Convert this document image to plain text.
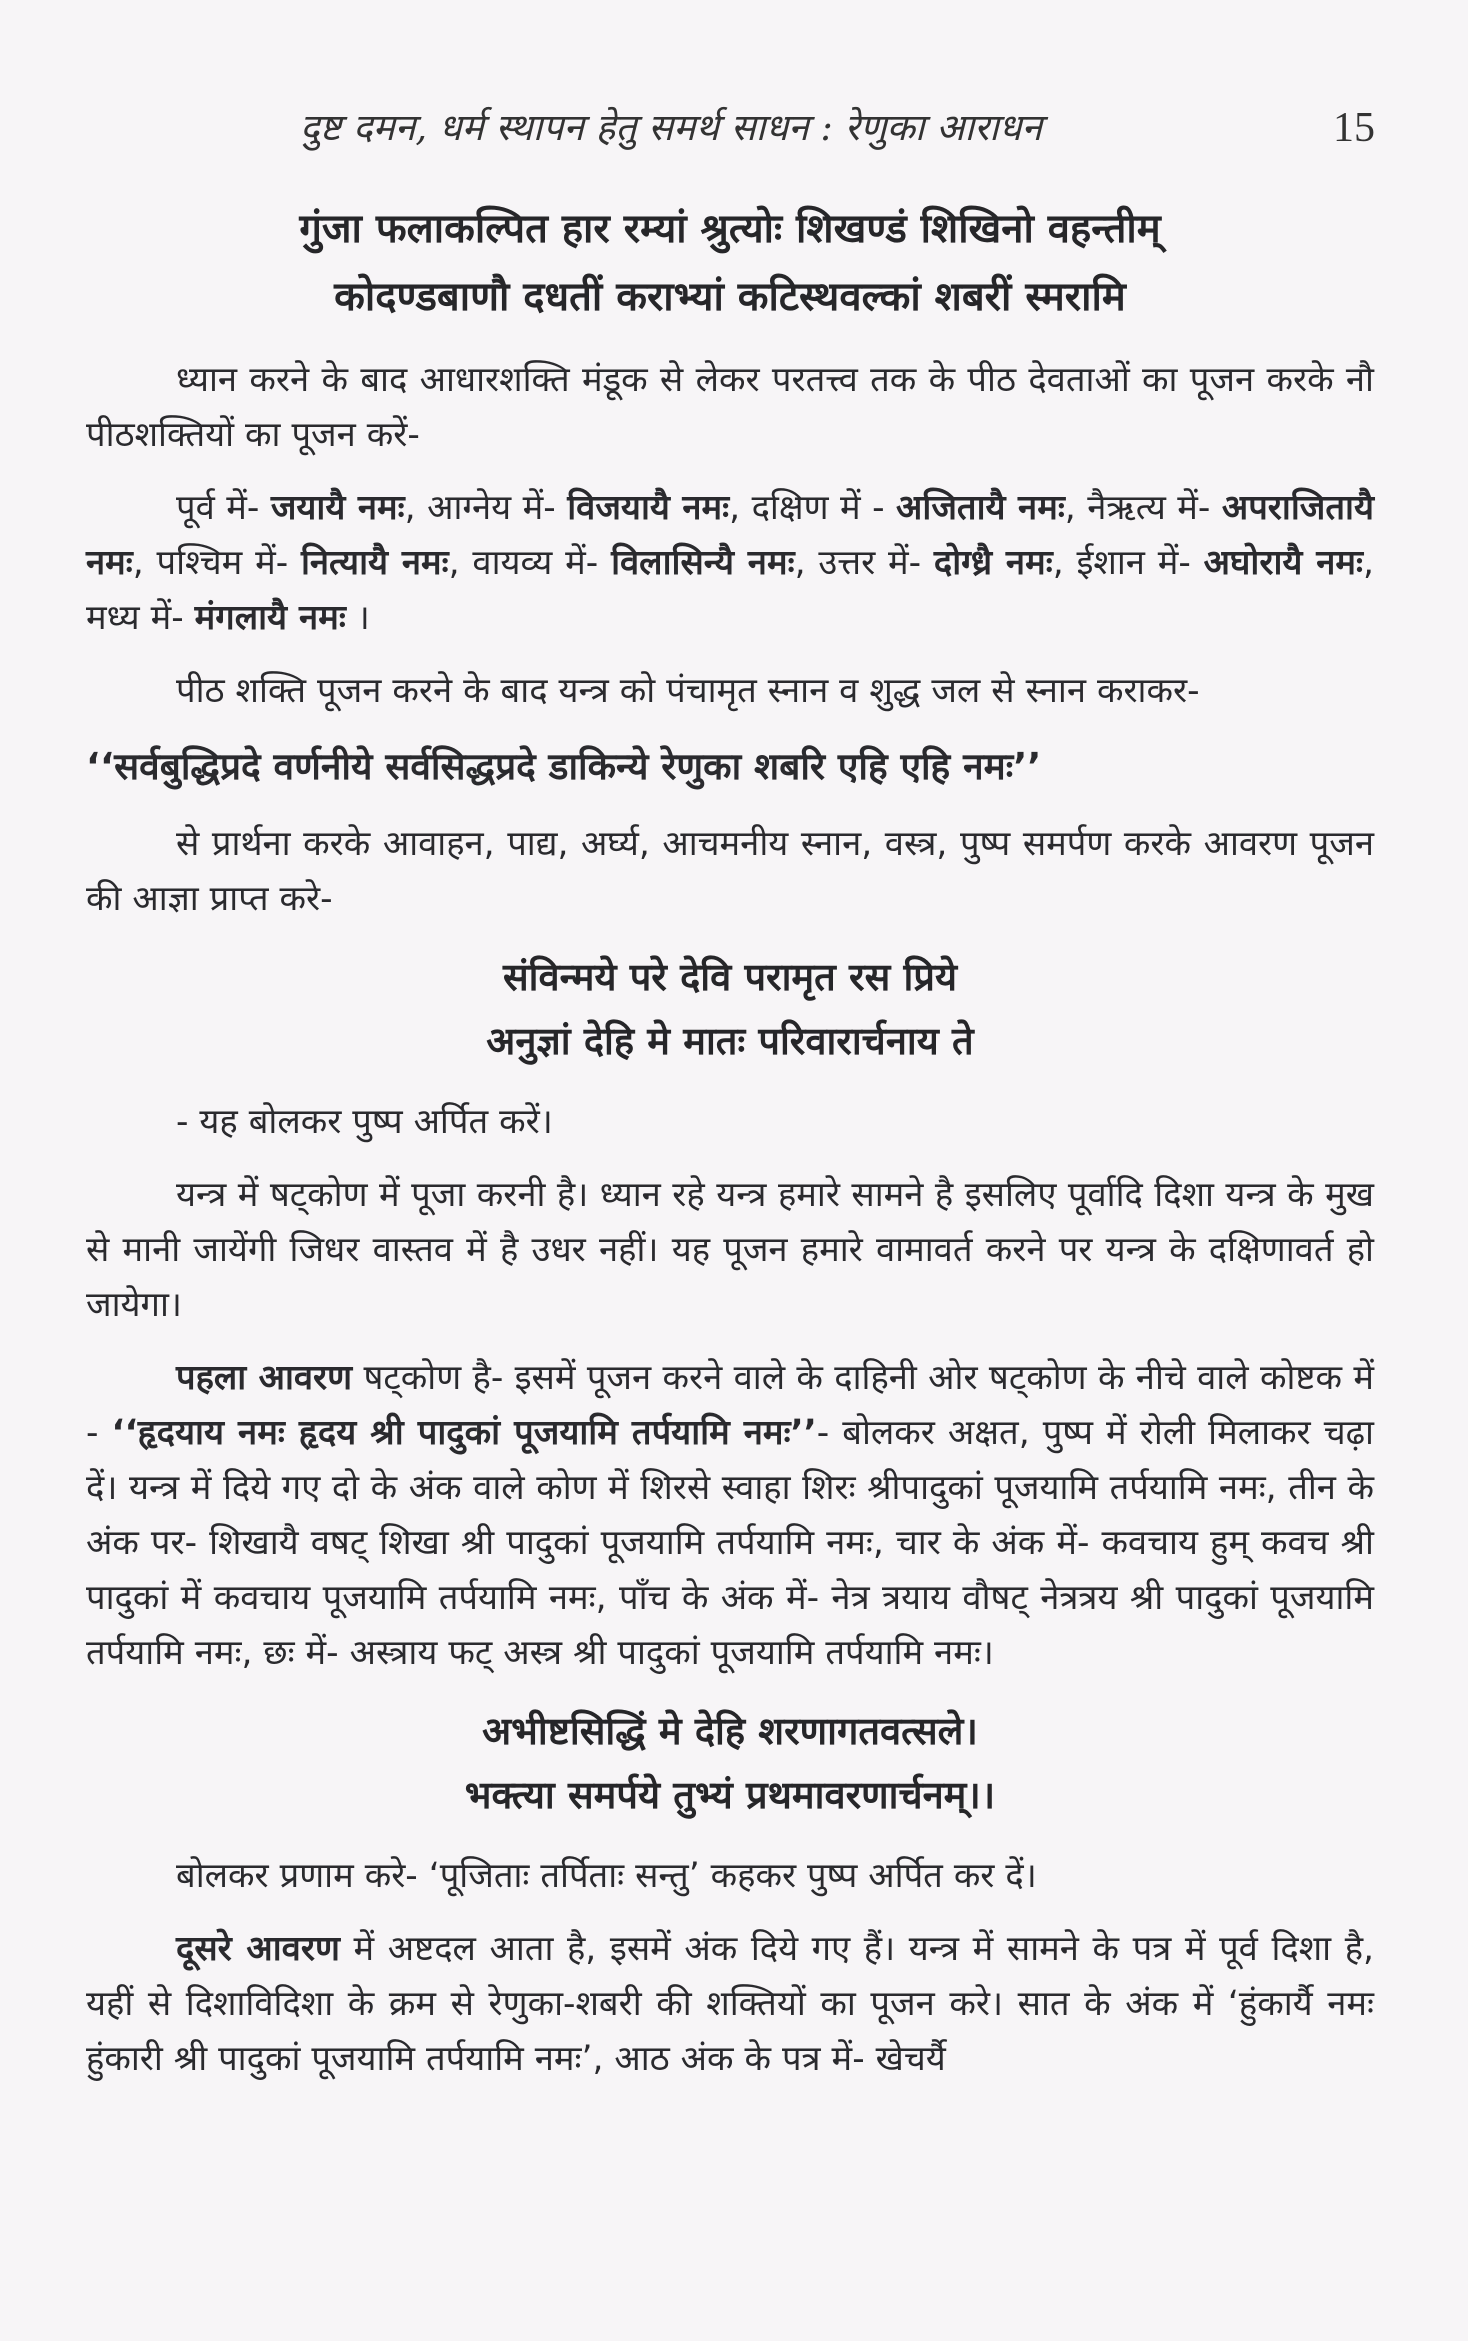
दुष्ट दमन, धर्म स्थापन हेतु समर्थ साधन : रेणुका आराधन	15
गुंजा फलाकल्पित हार रम्यां श्रुत्योः शिखण्डं शिखिनो वहन्तीम्
कोदण्डबाणौ दधतीं कराभ्यां कटिस्थवल्कां शबरीं स्मरामि

ध्यान करने के बाद आधारशक्ति मंडूक से लेकर परतत्त्व तक के पीठ देवताओं का पूजन करके नौ पीठशक्तियों का पूजन करें-

पूर्व में- जयायै नमः, आग्नेय में- विजयायै नमः, दक्षिण में - अजितायै नमः, नैऋत्य में- अपराजितायै नमः, पश्चिम में- नित्यायै नमः, वायव्य में- विलासिन्यै नमः, उत्तर में- दोग्ध्रै नमः, ईशान में- अघोरायै नमः, मध्य में- मंगलायै नमः ।

पीठ शक्ति पूजन करने के बाद यन्त्र को पंचामृत स्नान व शुद्ध जल से स्नान कराकर-

‘‘सर्वबुद्धिप्रदे वर्णनीये सर्वसिद्धप्रदे डाकिन्ये रेणुका शबरि एहि एहि नमः’’

से प्रार्थना करके आवाहन, पाद्य, अर्घ्य, आचमनीय स्नान, वस्त्र, पुष्प समर्पण करके आवरण पूजन की आज्ञा प्राप्त करे-

संविन्मये परे देवि परामृत रस प्रिये
अनुज्ञां देहि मे मातः परिवारार्चनाय ते

- यह बोलकर पुष्प अर्पित करें।

यन्त्र में षट्कोण में पूजा करनी है। ध्यान रहे यन्त्र हमारे सामने है इसलिए पूर्वादि दिशा यन्त्र के मुख से मानी जायेंगी जिधर वास्तव में है उधर नहीं। यह पूजन हमारे वामावर्त करने पर यन्त्र के दक्षिणावर्त हो जायेगा।

पहला आवरण षट्कोण है- इसमें पूजन करने वाले के दाहिनी ओर षट्कोण के नीचे वाले कोष्टक में - ‘‘हृदयाय नमः हृदय श्री पादुकां पूजयामि तर्पयामि नमः’’- बोलकर अक्षत, पुष्प में रोली मिलाकर चढ़ा दें। यन्त्र में दिये गए दो के अंक वाले कोण में शिरसे स्वाहा शिरः श्रीपादुकां पूजयामि तर्पयामि नमः, तीन के अंक पर- शिखायै वषट् शिखा श्री पादुकां पूजयामि तर्पयामि नमः, चार के अंक में- कवचाय हुम् कवच श्री पादुकां में कवचाय पूजयामि तर्पयामि नमः, पाँच के अंक में- नेत्र त्रयाय वौषट् नेत्रत्रय श्री पादुकां पूजयामि तर्पयामि नमः, छः में- अस्त्राय फट् अस्त्र श्री पादुकां पूजयामि तर्पयामि नमः।

अभीष्टसिद्धिं मे देहि शरणागतवत्सले।
भक्त्या समर्पये तुभ्यं प्रथमावरणार्चनम्।।

बोलकर प्रणाम करे- ‘पूजिताः तर्पिताः सन्तु’ कहकर पुष्प अर्पित कर दें।

दूसरे आवरण में अष्टदल आता है, इसमें अंक दिये गए हैं। यन्त्र में सामने के पत्र में पूर्व दिशा है, यहीं से दिशाविदिशा के क्रम से रेणुका-शबरी की शक्तियों का पूजन करे। सात के अंक में ‘हुंकार्यै नमः हुंकारी श्री पादुकां पूजयामि तर्पयामि नमः’, आठ अंक के पत्र में- खेचर्यै
